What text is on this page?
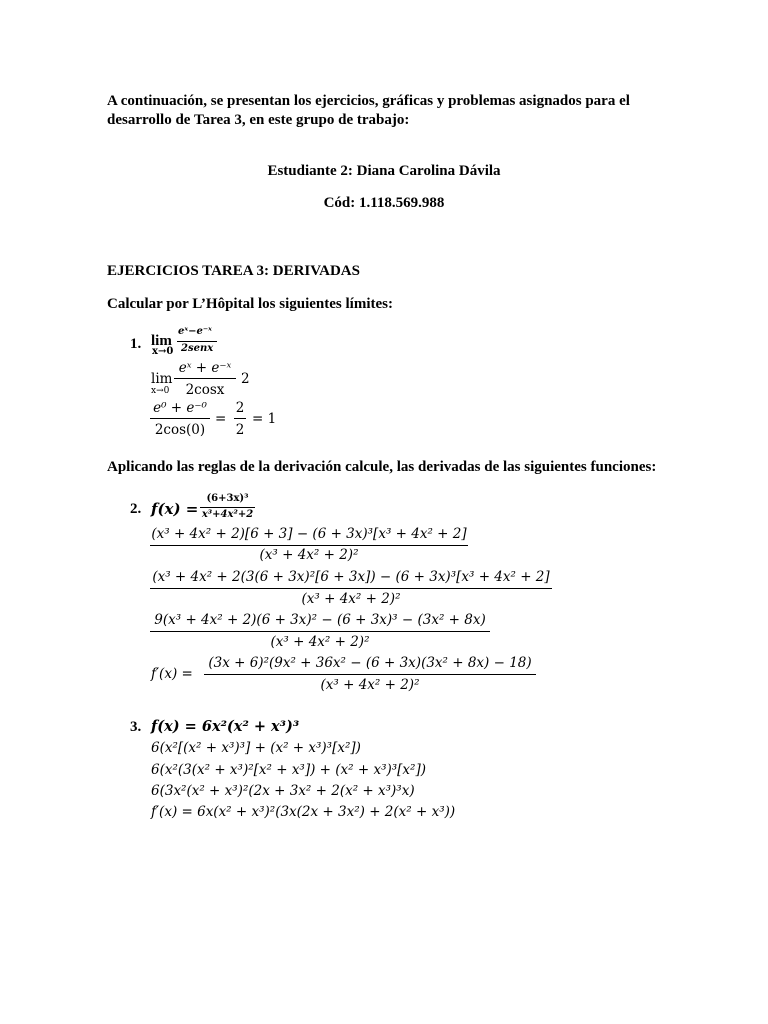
A continuación, se presentan los ejercicios, gráficas y problemas asignados para el
desarrollo de Tarea 3, en este grupo de trabajo:
Estudiante 2: Diana Carolina Dávila
Cód: 1.118.569.988
EJERCICIOS TAREA 3: DERIVADAS
Calcular por L’Hôpital los siguientes límites:
1. lim
x→0
eˣ−e⁻ˣ
2senx
lim
x→0
eˣ + e⁻ˣ
2cosx
2
e⁰ + e⁻⁰
2cos(0)
=
2
2
= 1
Aplicando las reglas de la derivación calcule, las derivadas de las siguientes funciones:
2. f(x) =
(6+3x)³
x³+4x²+2
(x³ + 4x² + 2)[6 + 3] − (6 + 3x)³[x³ + 4x² + 2]
(x³ + 4x² + 2)²
(x³ + 4x² + 2(3(6 + 3x)²[6 + 3x]) − (6 + 3x)³[x³ + 4x² + 2]
(x³ + 4x² + 2)²
9(x³ + 4x² + 2)(6 + 3x)² − (6 + 3x)³ − (3x² + 8x)
(x³ + 4x² + 2)²
f′(x) =
(3x + 6)²(9x² + 36x² − (6 + 3x)(3x² + 8x) − 18)
(x³ + 4x² + 2)²
3. f(x) = 6x²(x² + x³)³
6(x²[(x² + x³)³] + (x² + x³)³[x²])
6(x²(3(x² + x³)²[x² + x³]) + (x² + x³)³[x²])
6(3x²(x² + x³)²(2x + 3x² + 2(x² + x³)³x)
f′(x) = 6x(x² + x³)²(3x(2x + 3x²) + 2(x² + x³))
